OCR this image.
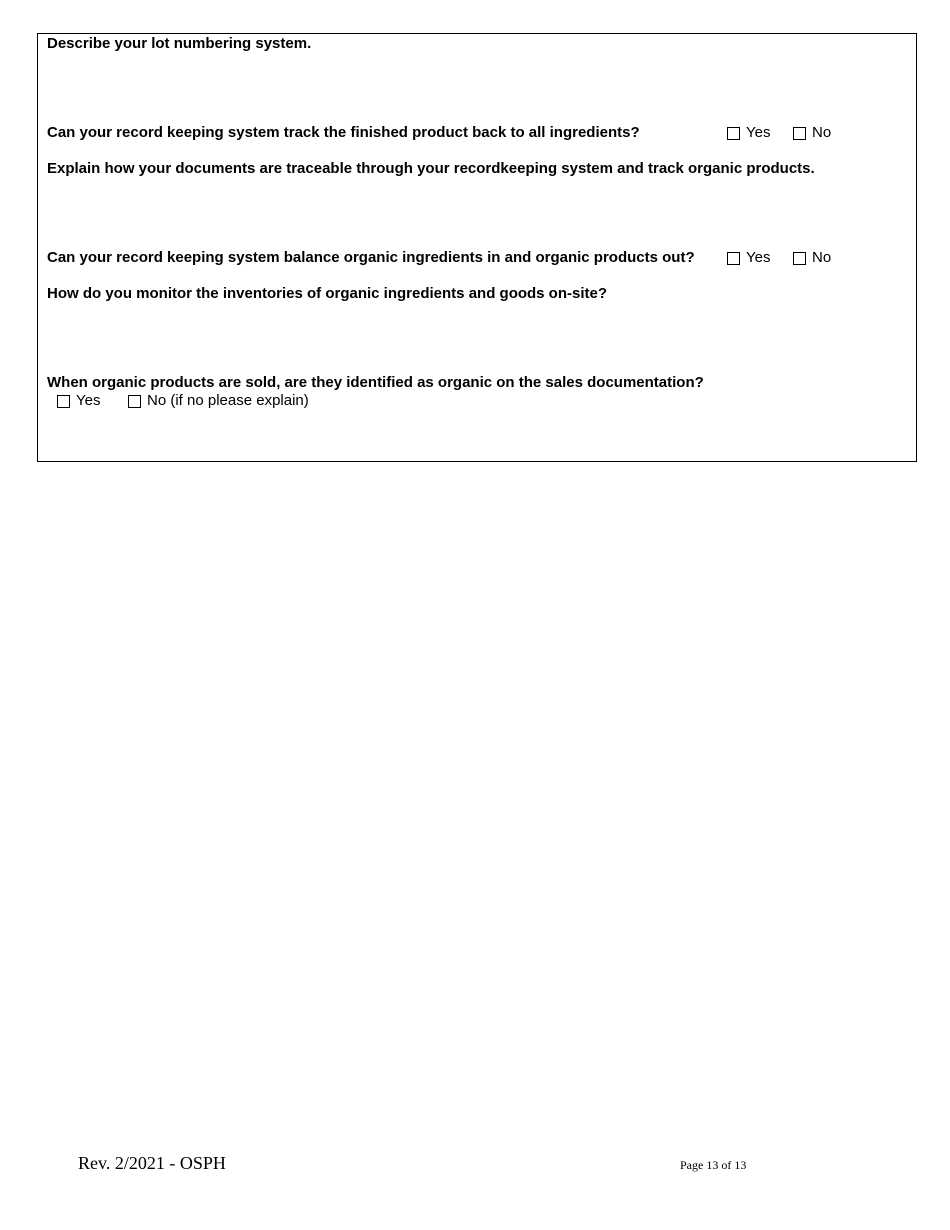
Describe your lot numbering system.
Can your record keeping system track the finished product back to all ingredients?	Yes	No
Explain how your documents are traceable through your recordkeeping system and track organic products.
Can your record keeping system balance organic ingredients in and organic products out?	Yes	No
How do you monitor the inventories of organic ingredients and goods on-site?
When organic products are sold, are they identified as organic on the sales documentation?
Yes	No (if no please explain)
Rev. 2/2021 - OSPH	Page 13 of 13
